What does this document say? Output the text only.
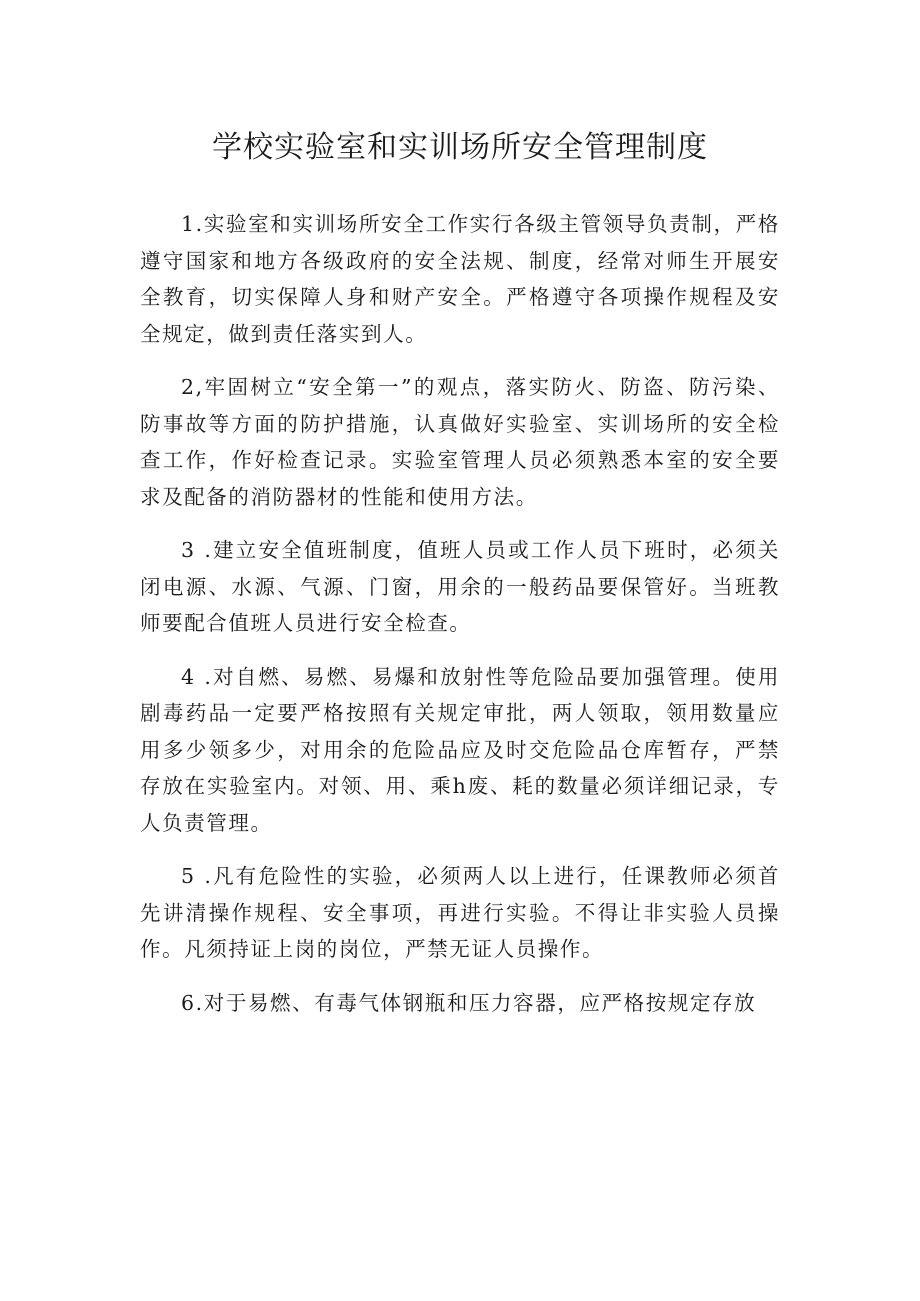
学校实验室和实训场所安全管理制度

1.实验室和实训场所安全工作实行各级主管领导负责制，严格遵守国家和地方各级政府的安全法规、制度，经常对师生开展安全教育，切实保障人身和财产安全。严格遵守各项操作规程及安全规定，做到责任落实到人。

2,牢固树立“安全第一”的观点，落实防火、防盗、防污染、防事故等方面的防护措施，认真做好实验室、实训场所的安全检查工作，作好检查记录。实验室管理人员必须熟悉本室的安全要求及配备的消防器材的性能和使用方法。

3 .建立安全值班制度，值班人员或工作人员下班时，必须关闭电源、水源、气源、门窗，用余的一般药品要保管好。当班教师要配合值班人员进行安全检查。

4 .对自燃、易燃、易爆和放射性等危险品要加强管理。使用剧毒药品一定要严格按照有关规定审批，两人领取，领用数量应用多少领多少，对用余的危险品应及时交危险品仓库暂存，严禁存放在实验室内。对领、用、乘h废、耗的数量必须详细记录，专人负责管理。

5 .凡有危险性的实验，必须两人以上进行，任课教师必须首先讲清操作规程、安全事项，再进行实验。不得让非实验人员操作。凡须持证上岗的岗位，严禁无证人员操作。

6.对于易燃、有毒气体钢瓶和压力容器，应严格按规定存放
